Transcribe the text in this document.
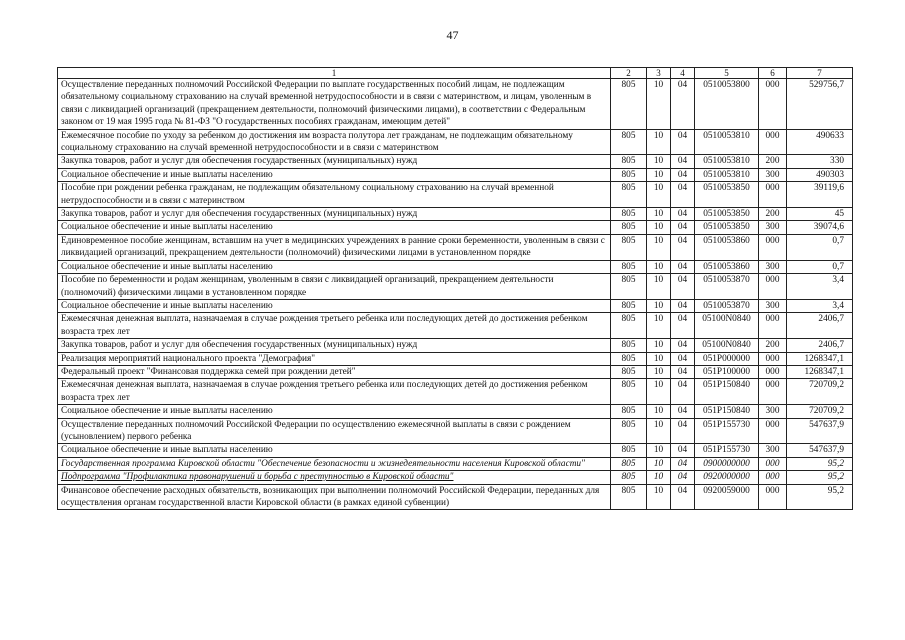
47
1	2	3	4	5	6	7
Осуществление переданных полномочий Российской Федерации по выплате государственных пособий лицам, не подлежащим обязательному социальному страхованию на случай временной нетрудоспособности и в связи с материнством, и лицам, уволенным в связи с ликвидацией организаций (прекращением деятельности, полномочий физическими лицами), в соответствии с Федеральным законом от 19 мая 1995 года № 81-ФЗ "О государственных пособиях гражданам, имеющим детей"	805	10	04	0510053800	000	529756,7
Ежемесячное пособие по уходу за ребенком до достижения им возраста полутора лет гражданам, не подлежащим обязательному социальному страхованию на случай временной нетрудоспособности и в связи с материнством	805	10	04	0510053810	000	490633
Закупка товаров, работ и услуг для обеспечения государственных (муниципальных) нужд	805	10	04	0510053810	200	330
Социальное обеспечение и иные выплаты населению	805	10	04	0510053810	300	490303
Пособие при рождении ребенка гражданам, не подлежащим обязательному социальному страхованию на случай временной нетрудоспособности и в связи с материнством	805	10	04	0510053850	000	39119,6
Закупка товаров, работ и услуг для обеспечения государственных (муниципальных) нужд	805	10	04	0510053850	200	45
Социальное обеспечение и иные выплаты населению	805	10	04	0510053850	300	39074,6
Единовременное пособие женщинам, вставшим на учет в медицинских учреждениях в ранние сроки беременности, уволенным в связи с ликвидацией организаций, прекращением деятельности (полномочий) физическими лицами в установленном порядке	805	10	04	0510053860	000	0,7
Социальное обеспечение и иные выплаты населению	805	10	04	0510053860	300	0,7
Пособие по беременности и родам женщинам, уволенным в связи с ликвидацией организаций, прекращением деятельности (полномочий) физическими лицами в установленном порядке	805	10	04	0510053870	000	3,4
Социальное обеспечение и иные выплаты населению	805	10	04	0510053870	300	3,4
Ежемесячная денежная выплата, назначаемая в случае рождения третьего ребенка или последующих детей до достижения ребенком возраста трех лет	805	10	04	05100N0840	000	2406,7
Закупка товаров, работ и услуг для обеспечения государственных (муниципальных) нужд	805	10	04	05100N0840	200	2406,7
Реализация мероприятий национального проекта "Демография"	805	10	04	051P000000	000	1268347,1
Федеральный проект "Финансовая поддержка семей при рождении детей"	805	10	04	051P100000	000	1268347,1
Ежемесячная денежная выплата, назначаемая в случае рождения третьего ребенка или последующих детей до достижения ребенком возраста трех лет	805	10	04	051P150840	000	720709,2
Социальное обеспечение и иные выплаты населению	805	10	04	051P150840	300	720709,2
Осуществление переданных полномочий Российской Федерации по осуществлению ежемесячной выплаты в связи с рождением (усыновлением) первого ребенка	805	10	04	051P155730	000	547637,9
Социальное обеспечение и иные выплаты населению	805	10	04	051P155730	300	547637,9
Государственная программа Кировской области "Обеспечение безопасности и жизнедеятельности населения Кировской области"	805	10	04	0900000000	000	95,2
Подпрограмма "Профилактика правонарушений и борьба с преступностью в Кировской области"	805	10	04	0920000000	000	95,2
Финансовое обеспечение расходных обязательств, возникающих при выполнении полномочий Российской Федерации, переданных для осуществления органам государственной власти Кировской области (в рамках единой субвенции)	805	10	04	0920059000	000	95,2
